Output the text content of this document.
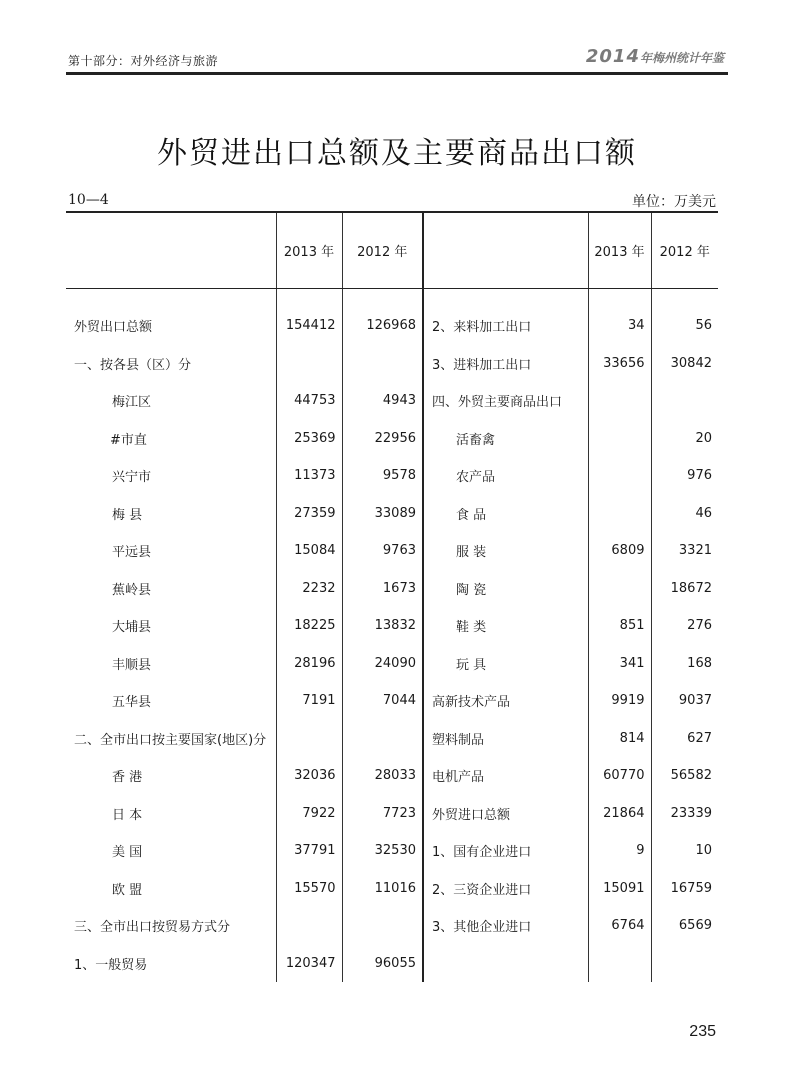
第十部分：对外经济与旅游	2014年梅州统计年鉴
外贸进出口总额及主要商品出口额
10—4	单位：万美元
	2013 年	2012 年		2013 年	2012 年

外贸出口总额	154412	126968	2、来料加工出口	34	56
一、按各县（区）分			3、进料加工出口	33656	30842
梅江区	44753	4943	四、外贸主要商品出口		
#市直	25369	22956	活畜禽		20
兴宁市	11373	9578	农产品		976
梅 县	27359	33089	食 品		46
平远县	15084	9763	服 装	6809	3321
蕉岭县	2232	1673	陶 瓷		18672
大埔县	18225	13832	鞋 类	851	276
丰顺县	28196	24090	玩 具	341	168
五华县	7191	7044	高新技术产品	9919	9037
二、全市出口按主要国家(地区)分			塑料制品	814	627
香 港	32036	28033	电机产品	60770	56582
日 本	7922	7723	外贸进口总额	21864	23339
美 国	37791	32530	1、国有企业进口	9	10
欧 盟	15570	11016	2、三资企业进口	15091	16759
三、全市出口按贸易方式分			3、其他企业进口	6764	6569
1、一般贸易	120347	96055			
235
